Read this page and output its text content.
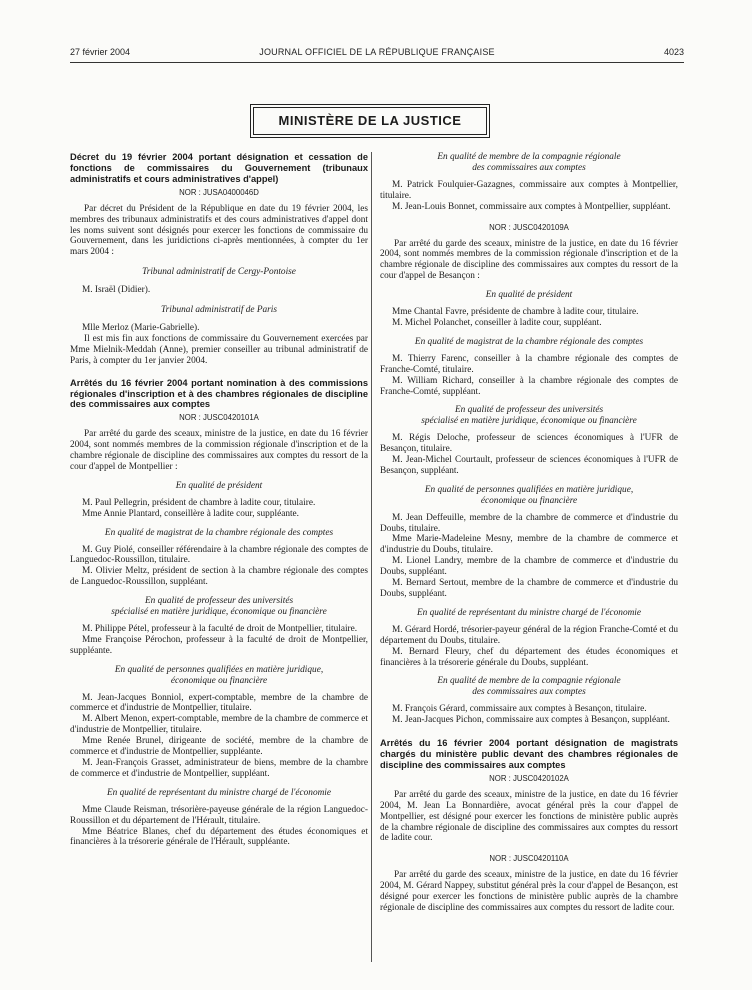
27 février 2004	JOURNAL OFFICIEL DE LA RÉPUBLIQUE FRANÇAISE	4023
MINISTÈRE DE LA JUSTICE
Décret du 19 février 2004 portant désignation et cessation de fonctions de commissaires du Gouvernement (tribunaux administratifs et cours administratives d'appel)
NOR : JUSA0400046D
Par décret du Président de la République en date du 19 février 2004, les membres des tribunaux administratifs et des cours administratives d'appel dont les noms suivent sont désignés pour exercer les fonctions de commissaire du Gouvernement, dans les juridictions ci-après mentionnées, à compter du 1er mars 2004 :
Tribunal administratif de Cergy-Pontoise
M. Israël (Didier).
Tribunal administratif de Paris
Mlle Merloz (Marie-Gabrielle).
Il est mis fin aux fonctions de commissaire du Gouvernement exercées par Mme Mielnik-Meddah (Anne), premier conseiller au tribunal administratif de Paris, à compter du 1er janvier 2004.
Arrêtés du 16 février 2004 portant nomination à des commissions régionales d'inscription et à des chambres régionales de discipline des commissaires aux comptes
NOR : JUSC0420101A
Par arrêté du garde des sceaux, ministre de la justice, en date du 16 février 2004, sont nommés membres de la commission régionale d'inscription et de la chambre régionale de discipline des commissaires aux comptes du ressort de la cour d'appel de Montpellier :
En qualité de président
M. Paul Pellegrin, président de chambre à ladite cour, titulaire.
Mme Annie Plantard, conseillère à ladite cour, suppléante.
En qualité de magistrat de la chambre régionale des comptes
M. Guy Piolé, conseiller référendaire à la chambre régionale des comptes de Languedoc-Roussillon, titulaire.
M. Olivier Meltz, président de section à la chambre régionale des comptes de Languedoc-Roussillon, suppléant.
En qualité de professeur des universités
spécialisé en matière juridique, économique ou financière
M. Philippe Pétel, professeur à la faculté de droit de Montpellier, titulaire.
Mme Françoise Pérochon, professeur à la faculté de droit de Montpellier, suppléante.
En qualité de personnes qualifiées en matière juridique,
économique ou financière
M. Jean-Jacques Bonniol, expert-comptable, membre de la chambre de commerce et d'industrie de Montpellier, titulaire.
M. Albert Menon, expert-comptable, membre de la chambre de commerce et d'industrie de Montpellier, titulaire.
Mme Renée Brunel, dirigeante de société, membre de la chambre de commerce et d'industrie de Montpellier, suppléante.
M. Jean-François Grasset, administrateur de biens, membre de la chambre de commerce et d'industrie de Montpellier, suppléant.
En qualité de représentant du ministre chargé de l'économie
Mme Claude Reisman, trésorière-payeuse générale de la région Languedoc-Roussillon et du département de l'Hérault, titulaire.
Mme Béatrice Blanes, chef du département des études économiques et financières à la trésorerie générale de l'Hérault, suppléante.
En qualité de membre de la compagnie régionale
des commissaires aux comptes
M. Patrick Foulquier-Gazagnes, commissaire aux comptes à Montpellier, titulaire.
M. Jean-Louis Bonnet, commissaire aux comptes à Montpellier, suppléant.
NOR : JUSC0420109A
Par arrêté du garde des sceaux, ministre de la justice, en date du 16 février 2004, sont nommés membres de la commission régionale d'inscription et de la chambre régionale de discipline des commissaires aux comptes du ressort de la cour d'appel de Besançon :
En qualité de président
Mme Chantal Favre, présidente de chambre à ladite cour, titulaire.
M. Michel Polanchet, conseiller à ladite cour, suppléant.
En qualité de magistrat de la chambre régionale des comptes
M. Thierry Farenc, conseiller à la chambre régionale des comptes de Franche-Comté, titulaire.
M. William Richard, conseiller à la chambre régionale des comptes de Franche-Comté, suppléant.
En qualité de professeur des universités
spécialisé en matière juridique, économique ou financière
M. Régis Deloche, professeur de sciences économiques à l'UFR de Besançon, titulaire.
M. Jean-Michel Courtault, professeur de sciences économiques à l'UFR de Besançon, suppléant.
En qualité de personnes qualifiées en matière juridique,
économique ou financière
M. Jean Deffeuille, membre de la chambre de commerce et d'industrie du Doubs, titulaire.
Mme Marie-Madeleine Mesny, membre de la chambre de commerce et d'industrie du Doubs, titulaire.
M. Lionel Landry, membre de la chambre de commerce et d'industrie du Doubs, suppléant.
M. Bernard Sertout, membre de la chambre de commerce et d'industrie du Doubs, suppléant.
En qualité de représentant du ministre chargé de l'économie
M. Gérard Hordé, trésorier-payeur général de la région Franche-Comté et du département du Doubs, titulaire.
M. Bernard Fleury, chef du département des études économiques et financières à la trésorerie générale du Doubs, suppléant.
En qualité de membre de la compagnie régionale
des commissaires aux comptes
M. François Gérard, commissaire aux comptes à Besançon, titulaire.
M. Jean-Jacques Pichon, commissaire aux comptes à Besançon, suppléant.
Arrêtés du 16 février 2004 portant désignation de magistrats chargés du ministère public devant des chambres régionales de discipline des commissaires aux comptes
NOR : JUSC0420102A
Par arrêté du garde des sceaux, ministre de la justice, en date du 16 février 2004, M. Jean La Bonnardière, avocat général près la cour d'appel de Montpellier, est désigné pour exercer les fonctions de ministère public auprès de la chambre régionale de discipline des commissaires aux comptes du ressort de ladite cour.
NOR : JUSC0420110A
Par arrêté du garde des sceaux, ministre de la justice, en date du 16 février 2004, M. Gérard Nappey, substitut général près la cour d'appel de Besançon, est désigné pour exercer les fonctions de ministère public auprès de la chambre régionale de discipline des commissaires aux comptes du ressort de ladite cour.
